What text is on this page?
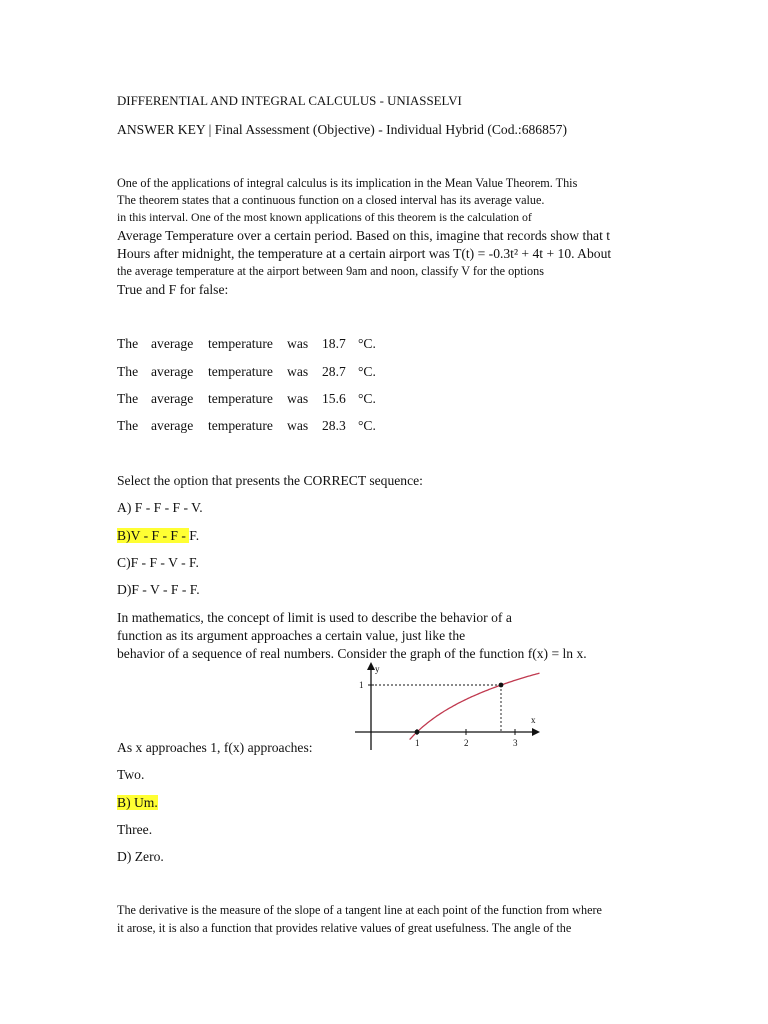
DIFFERENTIAL AND INTEGRAL CALCULUS - UNIASSELVI
ANSWER KEY | Final Assessment (Objective) - Individual Hybrid (Cod.:686857)
One of the applications of integral calculus is its implication in the Mean Value Theorem. This
The theorem states that a continuous function on a closed interval has its average value.
in this interval. One of the most known applications of this theorem is the calculation of
Average Temperature over a certain period. Based on this, imagine that records show that t
Hours after midnight, the temperature at a certain airport was T(t) = -0.3t² + 4t + 10. About
the average temperature at the airport between 9am and noon, classify V for the options
True and F for false:
The average temperature was 18.7 °C.
The average temperature was 28.7 °C.
The average temperature was 15.6 °C.
The average temperature was 28.3 °C.
Select the option that presents the CORRECT sequence:
A) F - F - F - V.
B)V - F - F - F.
C)F - F - V - F.
D)F - V - F - F.
In mathematics, the concept of limit is used to describe the behavior of a
function as its argument approaches a certain value, just like the
behavior of a sequence of real numbers. Consider the graph of the function f(x) = ln x.
y
x
1
1	2	3
As x approaches 1, f(x) approaches:
Two.
B) Um.
Three.
D) Zero.
The derivative is the measure of the slope of a tangent line at each point of the function from where
it arose, it is also a function that provides relative values of great usefulness. The angle of the
